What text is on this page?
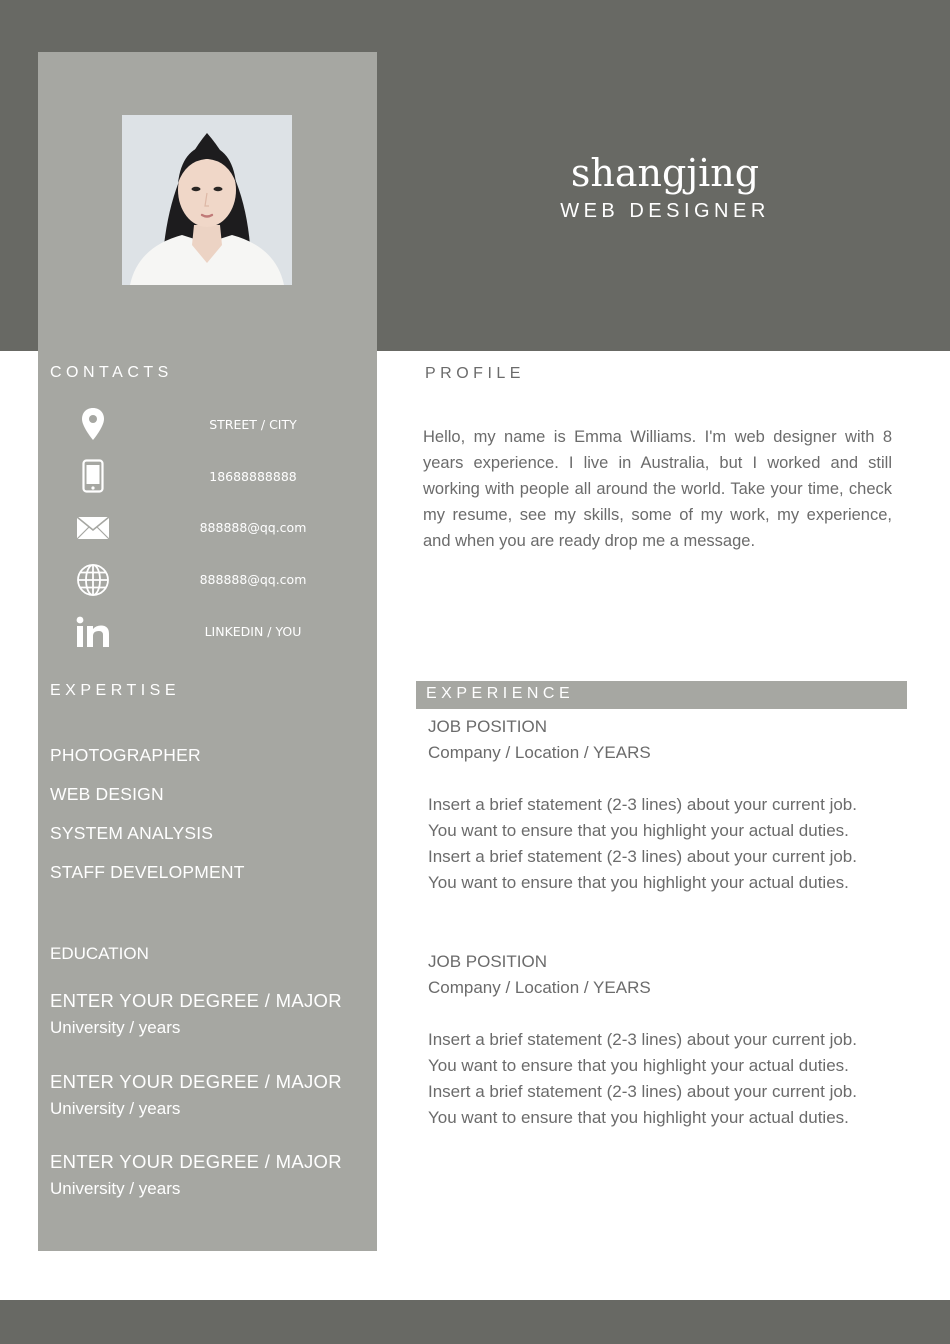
shangjing
WEB DESIGNER
CONTACTS
STREET / CITY
18688888888
888888@qq.com
888888@qq.com
LINKEDIN / YOU
EXPERTISE
PHOTOGRAPHER
WEB DESIGN
SYSTEM ANALYSIS
STAFF DEVELOPMENT
EDUCATION
ENTER YOUR DEGREE / MAJOR
University / years
ENTER YOUR DEGREE / MAJOR
University / years
ENTER YOUR DEGREE / MAJOR
University / years
PROFILE
Hello, my name is Emma Williams. I'm web designer with 8 years experience. I live in Australia, but I worked and still working with people all around the world. Take your time, check my resume, see my skills, some of my work, my experience, and when you are ready drop me a message.
EXPERIENCE

JOB POSITION

Company / Location / YEARS

Insert a brief statement (2-3 lines) about your current job.

You want to ensure that you highlight your actual duties.

Insert a brief statement (2-3 lines) about your current job.

You want to ensure that you highlight your actual duties.

JOB POSITION

Company / Location / YEARS

Insert a brief statement (2-3 lines) about your current job.

You want to ensure that you highlight your actual duties.

Insert a brief statement (2-3 lines) about your current job.

You want to ensure that you highlight your actual duties.
